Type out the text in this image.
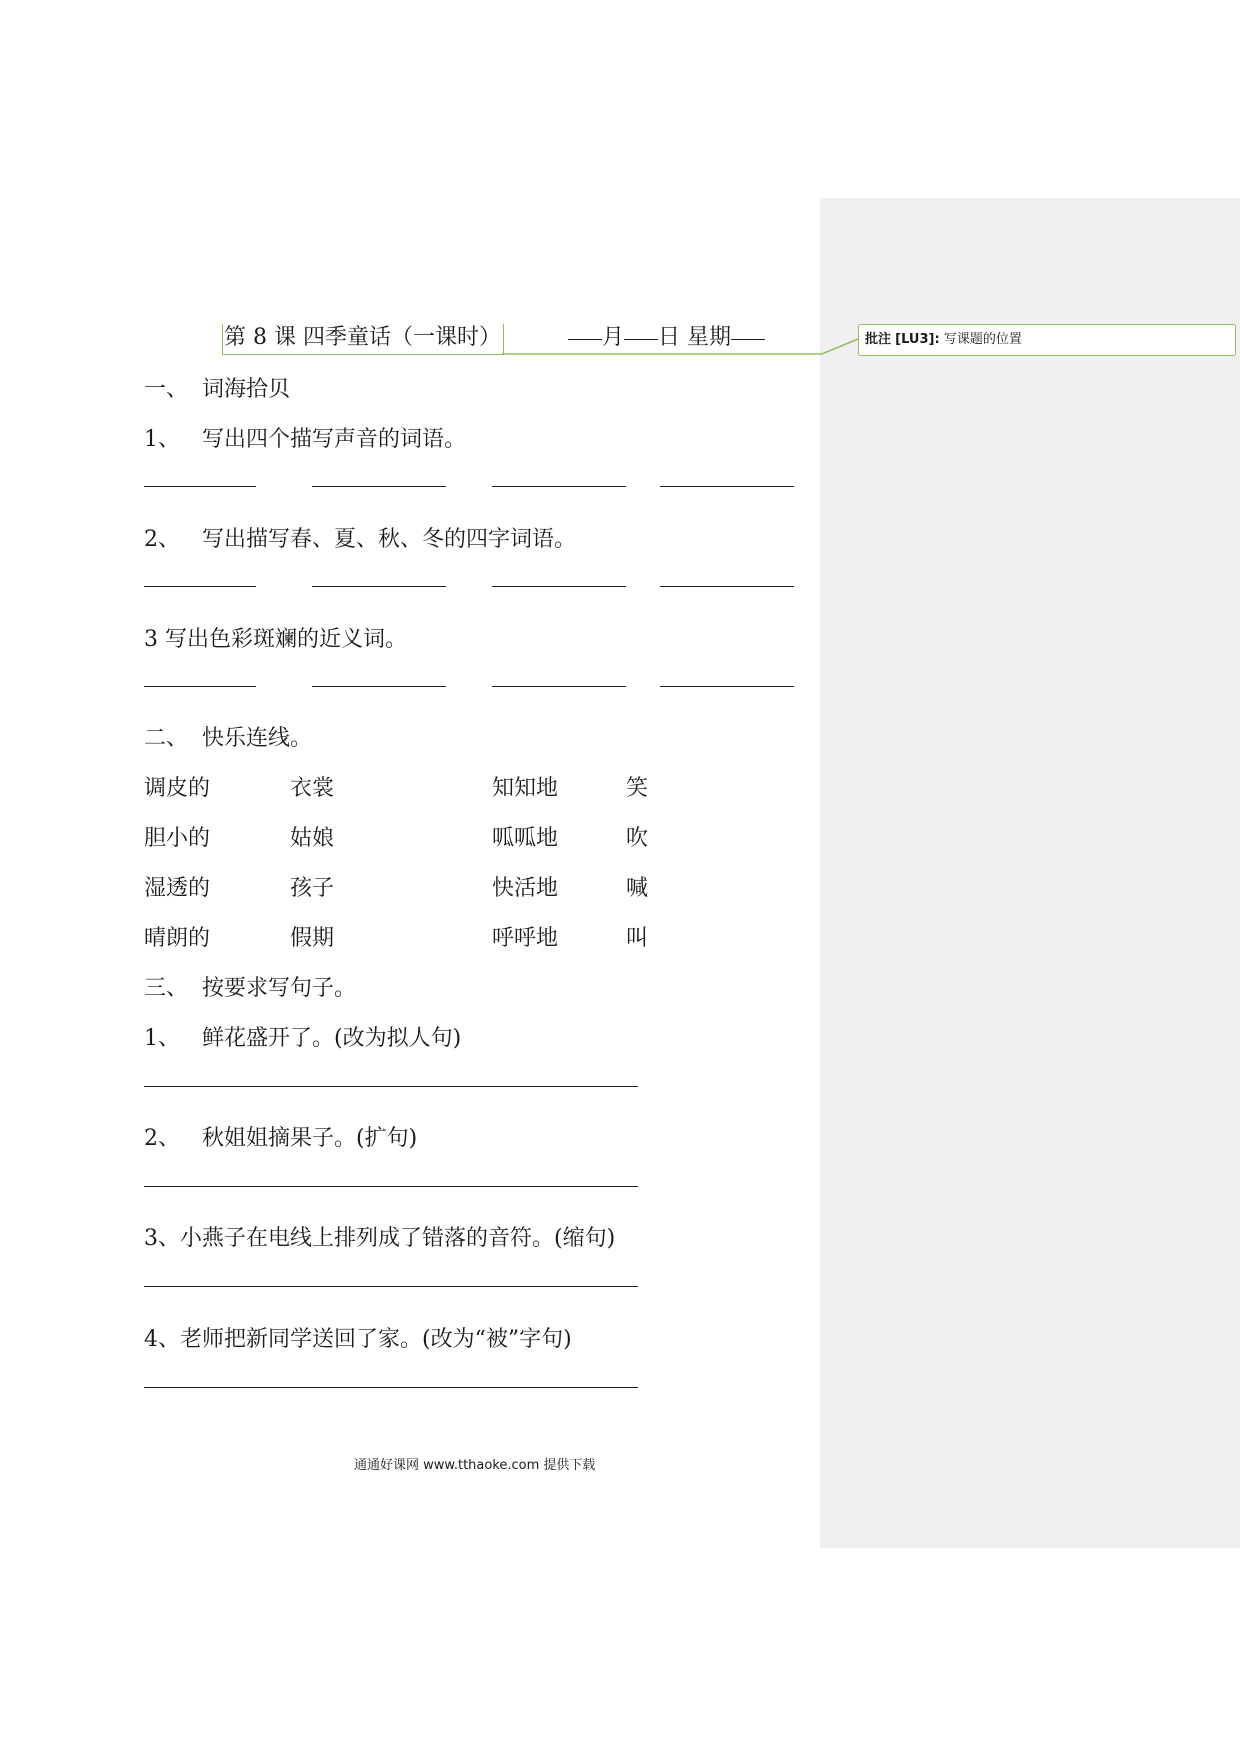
批注 [LU3]: 写课题的位置
第 8 课 四季童话（一课时）	月 日 星期
一、 词海拾贝
1、 写出四个描写声音的词语。
2、 写出描写春、夏、秋、冬的四字词语。
3 写出色彩斑斓的近义词。
二、 快乐连线。
调皮的	衣裳	知知地	笑
胆小的	姑娘	呱呱地	吹
湿透的	孩子	快活地	喊
晴朗的	假期	呼呼地	叫
三、 按要求写句子。
1、 鲜花盛开了。(改为拟人句)
2、 秋姐姐摘果子。(扩句)
3、小燕子在电线上排列成了错落的音符。(缩句)
4、老师把新同学送回了家。(改为“被”字句)
通通好课网 www.tthaoke.com 提供下载
